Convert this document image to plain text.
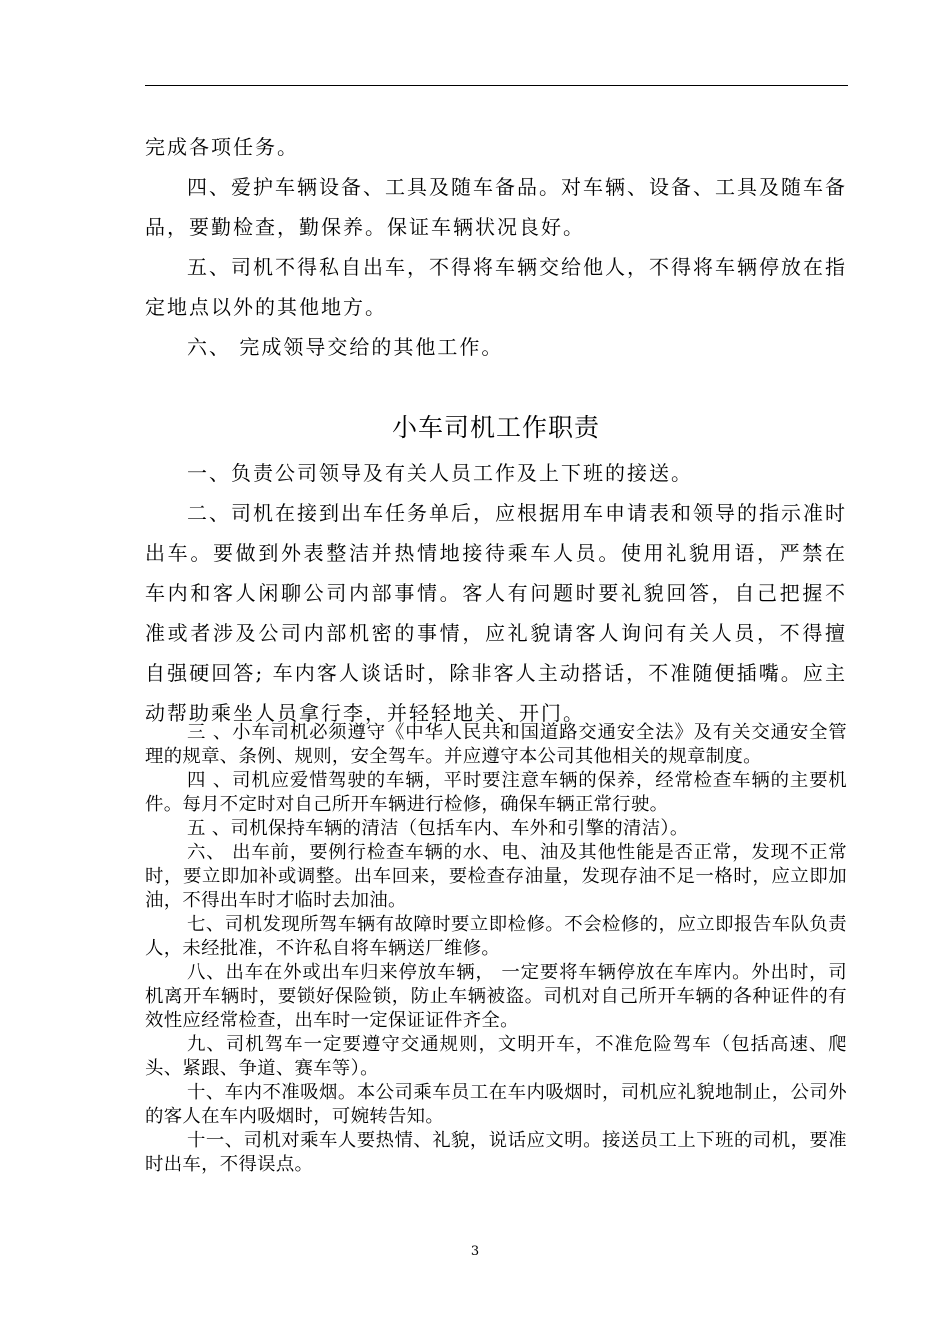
完成各项任务。

四、爱护车辆设备、工具及随车备品。对车辆、设备、工具及随车备品，要勤检查，勤保养。保证车辆状况良好。

五、司机不得私自出车，不得将车辆交给他人，不得将车辆停放在指定地点以外的其他地方。

六、 完成领导交给的其他工作。

小车司机工作职责

一、负责公司领导及有关人员工作及上下班的接送。

二、司机在接到出车任务单后，应根据用车申请表和领导的指示准时出车。要做到外表整洁并热情地接待乘车人员。使用礼貌用语，严禁在车内和客人闲聊公司内部事情。客人有问题时要礼貌回答，自己把握不准或者涉及公司内部机密的事情，应礼貌请客人询问有关人员，不得擅自强硬回答; 车内客人谈话时，除非客人主动搭话，不准随便插嘴。应主动帮助乘坐人员拿行李，并轻轻地关、开门。

三 、小车司机必须遵守《中华人民共和国道路交通安全法》及有关交通安全管理的规章、条例、规则，安全驾车。并应遵守本公司其他相关的规章制度。

四 、司机应爱惜驾驶的车辆，平时要注意车辆的保养，经常检查车辆的主要机件。每月不定时对自己所开车辆进行检修，确保车辆正常行驶。

五 、司机保持车辆的清洁（包括车内、车外和引擎的清洁）。

六、 出车前，要例行检查车辆的水、电、油及其他性能是否正常，发现不正常时，要立即加补或调整。出车回来，要检查存油量，发现存油不足一格时，应立即加油，不得出车时才临时去加油。

七、司机发现所驾车辆有故障时要立即检修。不会检修的，应立即报告车队负责人，未经批准，不许私自将车辆送厂维修。

八、出车在外或出车归来停放车辆， 一定要将车辆停放在车库内。外出时，司机离开车辆时，要锁好保险锁，防止车辆被盗。司机对自己所开车辆的各种证件的有效性应经常检查，出车时一定保证证件齐全。

九、司机驾车一定要遵守交通规则，文明开车，不准危险驾车（包括高速、爬头、紧跟、争道、赛车等）。

十、车内不准吸烟。本公司乘车员工在车内吸烟时，司机应礼貌地制止，公司外的客人在车内吸烟时，可婉转告知。

十一、司机对乘车人要热情、礼貌，说话应文明。接送员工上下班的司机，要准时出车，不得误点。

3
